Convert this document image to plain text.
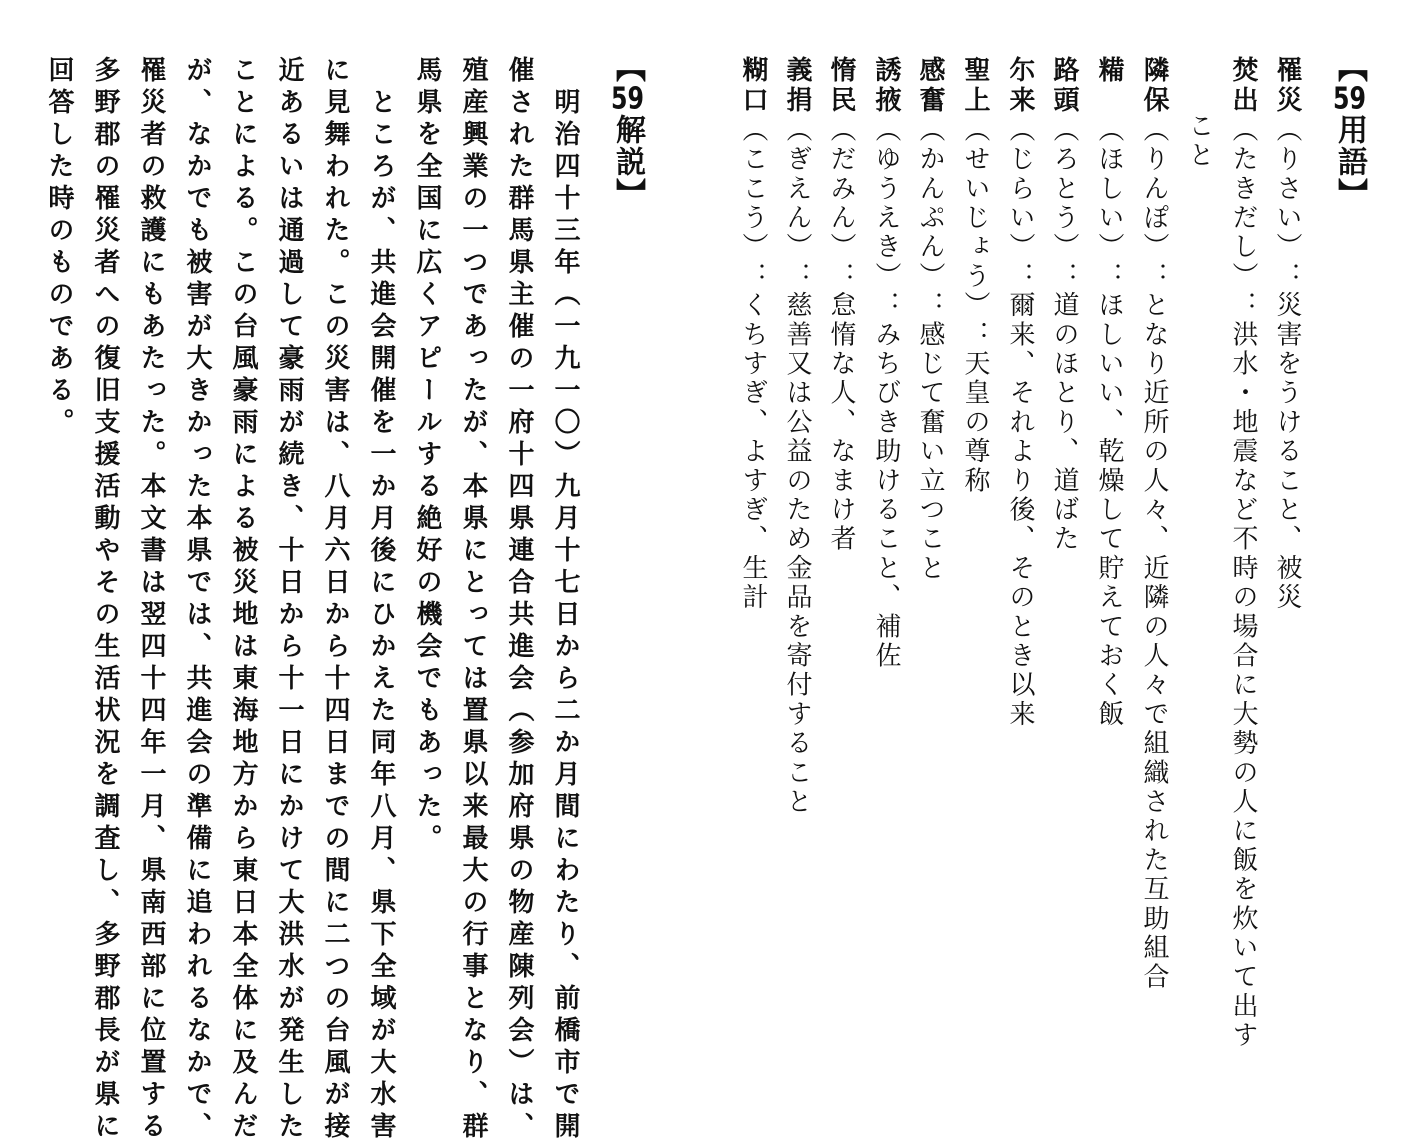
【59用語】
罹災（りさい）：災害をうけること、被災
焚出（たきだし）：洪水・地震など不時の場合に大勢の人に飯を炊いて出す
こと
隣保（りんぽ）：となり近所の人々、近隣の人々で組織された互助組合
糒（ほしい）：ほしいい、乾燥して貯えておく飯
路頭（ろとう）：道のほとり、道ばた
尓来（じらい）：爾来、それより後、そのとき以来
聖上（せいじょう）：天皇の尊称
感奮（かんぷん）：感じて奮い立つこと
誘掖（ゆうえき）：みちびき助けること、補佐
惰民（だみん）：怠惰な人、なまけ者
義捐（ぎえん）：慈善又は公益のため金品を寄付すること
糊口（ここう）：くちすぎ、よすぎ、生計
【59解説】
明治四十三年（一九一〇）九月十七日から二か月間にわたり、前橋市で開
催された群馬県主催の一府十四県連合共進会（参加府県の物産陳列会）は、
殖産興業の一つであったが、本県にとっては置県以来最大の行事となり、群
馬県を全国に広くアピールする絶好の機会でもあった。
ところが、共進会開催を一か月後にひかえた同年八月、県下全域が大水害
に見舞われた。この災害は、八月六日から十四日までの間に二つの台風が接
近あるいは通過して豪雨が続き、十日から十一日にかけて大洪水が発生した
ことによる。この台風豪雨による被災地は東海地方から東日本全体に及んだ
が、なかでも被害が大きかった本県では、共進会の準備に追われるなかで、
罹災者の救護にもあたった。本文書は翌四十四年一月、県南西部に位置する
多野郡の罹災者への復旧支援活動やその生活状況を調査し、多野郡長が県に
回答した時のものである。
